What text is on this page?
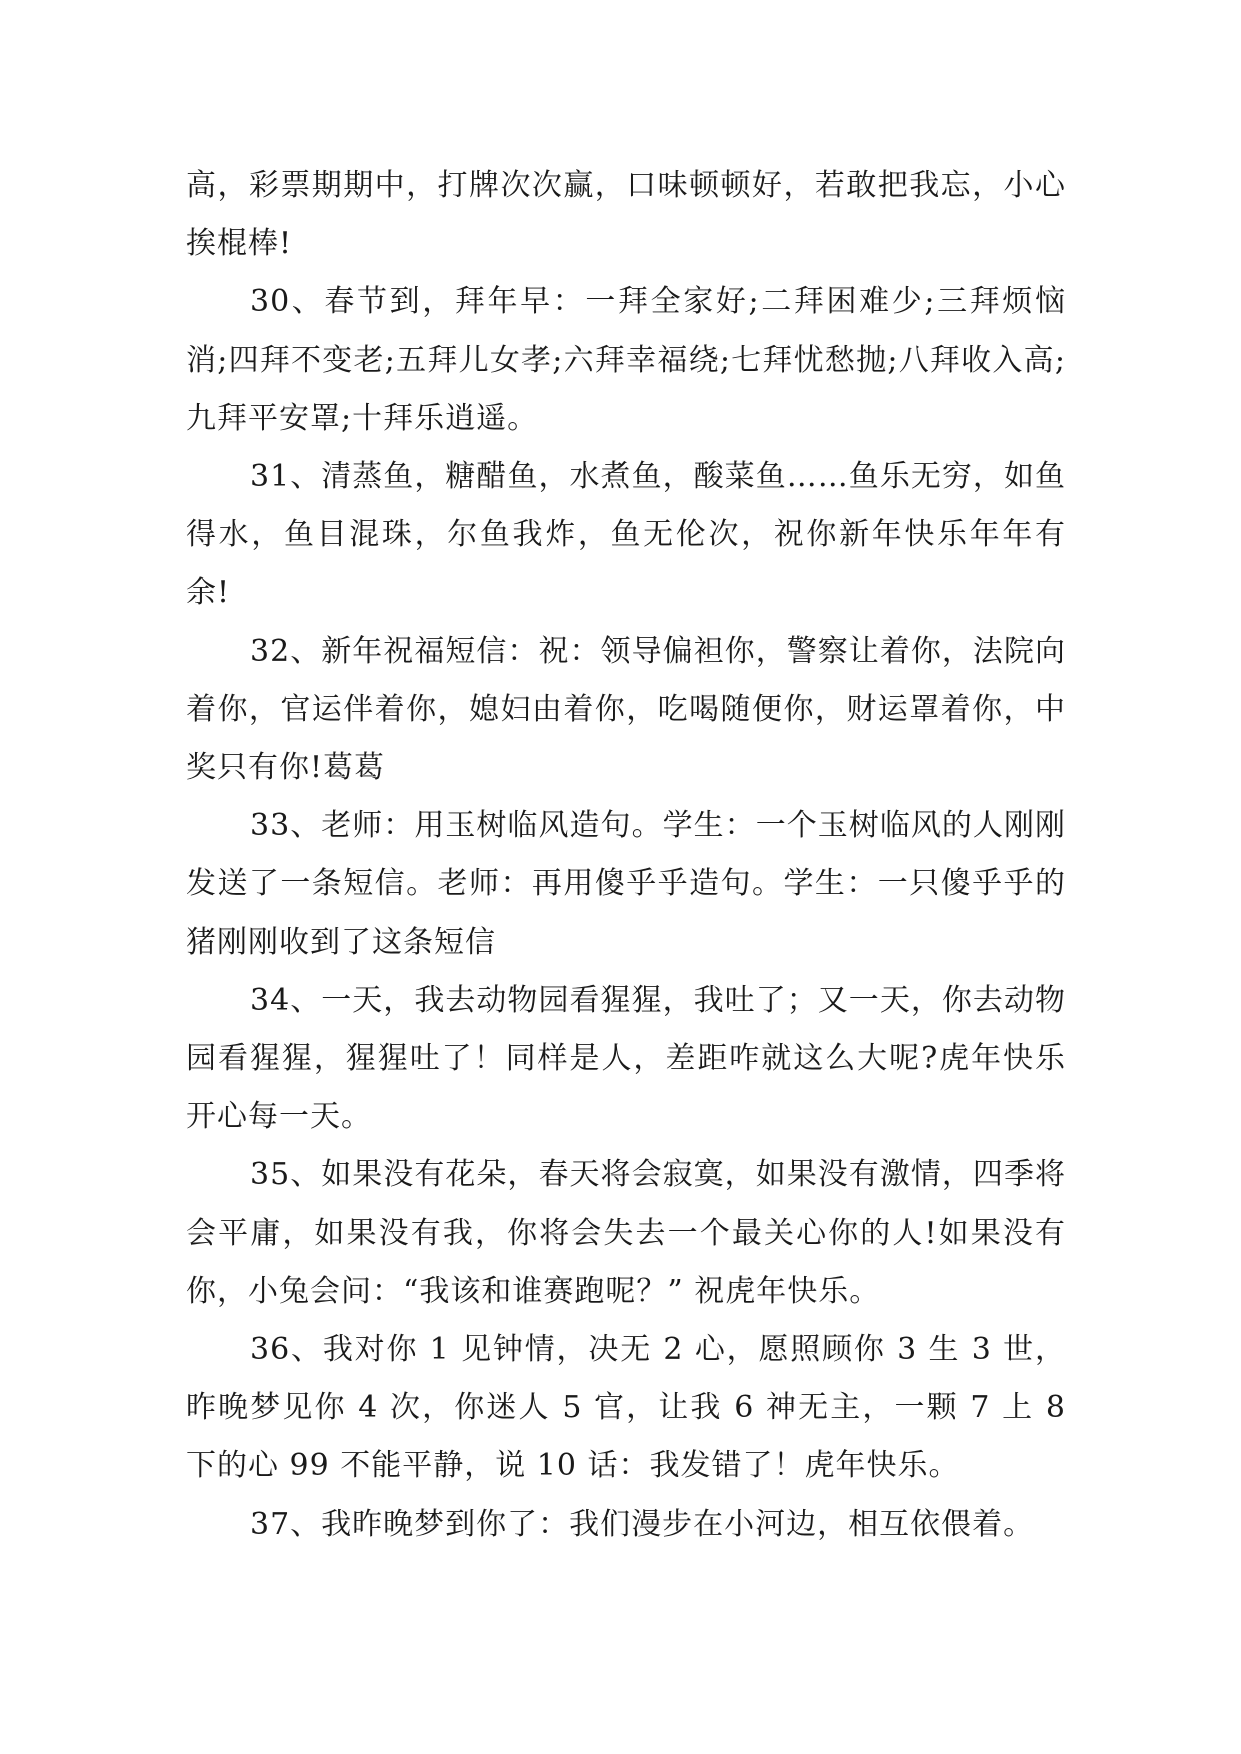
高，彩票期期中，打牌次次赢，口味顿顿好，若敢把我忘，小心挨棍棒!

30、春节到，拜年早：一拜全家好;二拜困难少;三拜烦恼消;四拜不变老;五拜儿女孝;六拜幸福绕;七拜忧愁抛;八拜收入高;九拜平安罩;十拜乐逍遥。

31、清蒸鱼，糖醋鱼，水煮鱼，酸菜鱼……鱼乐无穷，如鱼得水，鱼目混珠，尔鱼我炸，鱼无伦次，祝你新年快乐年年有余!

32、新年祝福短信：祝：领导偏袒你，警察让着你，法院向着你，官运伴着你，媳妇由着你，吃喝随便你，财运罩着你，中奖只有你!葛葛

33、老师：用玉树临风造句。学生：一个玉树临风的人刚刚发送了一条短信。老师：再用傻乎乎造句。学生：一只傻乎乎的猪刚刚收到了这条短信

34、一天，我去动物园看猩猩，我吐了；又一天，你去动物园看猩猩，猩猩吐了！同样是人，差距咋就这么大呢?虎年快乐开心每一天。

35、如果没有花朵，春天将会寂寞，如果没有激情，四季将会平庸，如果没有我，你将会失去一个最关心你的人!如果没有你，小兔会问：“我该和谁赛跑呢？” 祝虎年快乐。

36、我对你 1 见钟情，决无 2 心，愿照顾你 3 生 3 世，昨晚梦见你 4 次，你迷人 5 官，让我 6 神无主，一颗 7 上 8 下的心 99 不能平静，说 10 话：我发错了！虎年快乐。

37、我昨晚梦到你了：我们漫步在小河边，相互依偎着。
